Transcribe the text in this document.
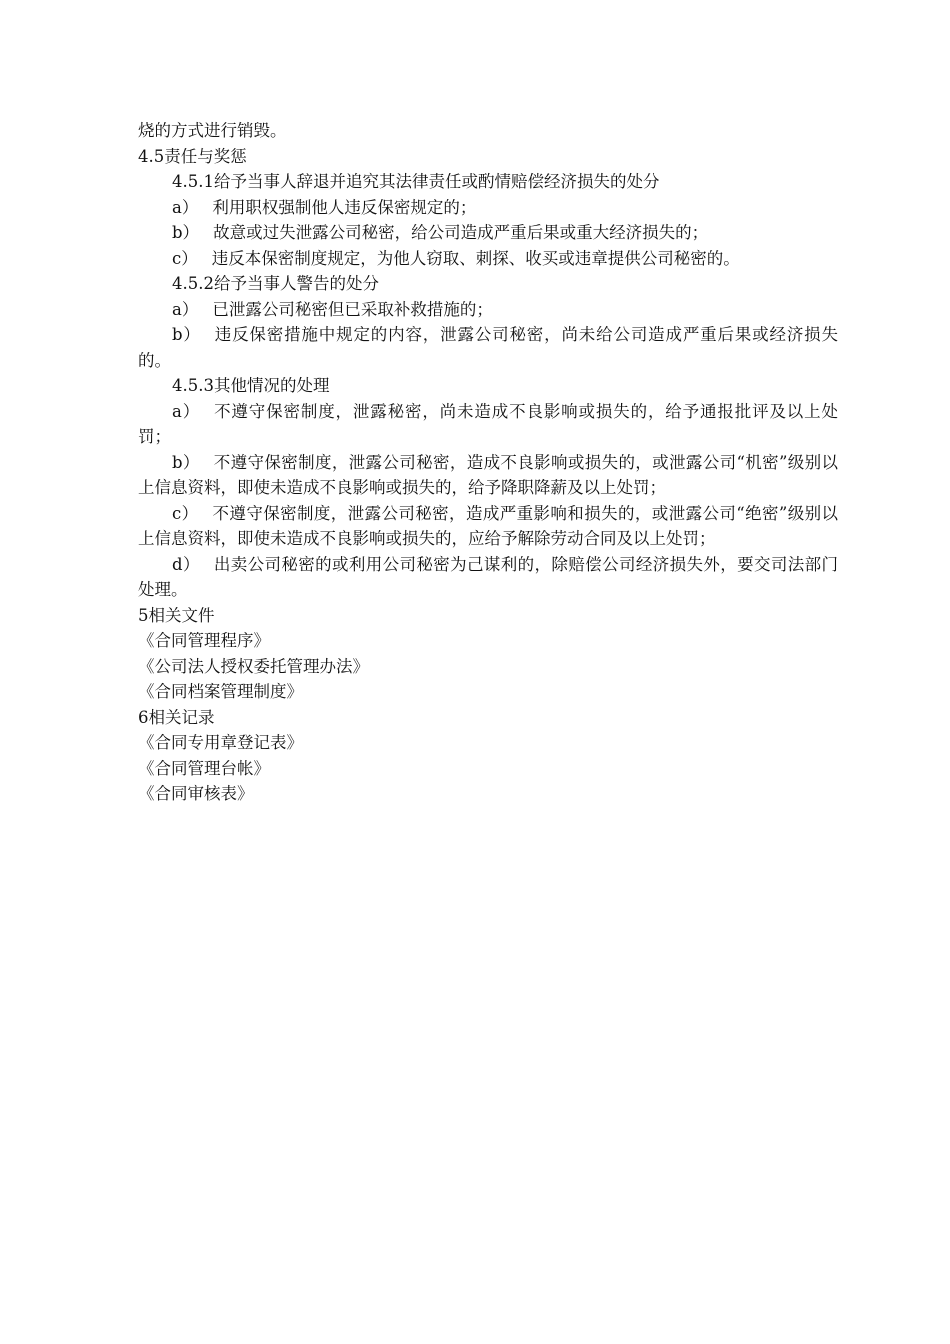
烧的方式进行销毁。
4.5责任与奖惩
4.5.1给予当事人辞退并追究其法律责任或酌情赔偿经济损失的处分

a） 利用职权强制他人违反保密规定的；

b） 故意或过失泄露公司秘密，给公司造成严重后果或重大经济损失的；

c） 违反本保密制度规定，为他人窃取、刺探、收买或违章提供公司秘密的。

4.5.2给予当事人警告的处分

a） 已泄露公司秘密但已采取补救措施的；

b） 违反保密措施中规定的内容，泄露公司秘密，尚未给公司造成严重后果或经济损失的。

4.5.3其他情况的处理

a） 不遵守保密制度，泄露秘密，尚未造成不良影响或损失的，给予通报批评及以上处罚；

b） 不遵守保密制度，泄露公司秘密，造成不良影响或损失的，或泄露公司“机密”级别以上信息资料，即使未造成不良影响或损失的，给予降职降薪及以上处罚；

c） 不遵守保密制度，泄露公司秘密，造成严重影响和损失的，或泄露公司“绝密”级别以上信息资料，即使未造成不良影响或损失的，应给予解除劳动合同及以上处罚；

d） 出卖公司秘密的或利用公司秘密为己谋利的，除赔偿公司经济损失外，要交司法部门处理。

5相关文件
《合同管理程序》
《公司法人授权委托管理办法》
《合同档案管理制度》
6相关记录
《合同专用章登记表》
《合同管理台帐》
《合同审核表》
